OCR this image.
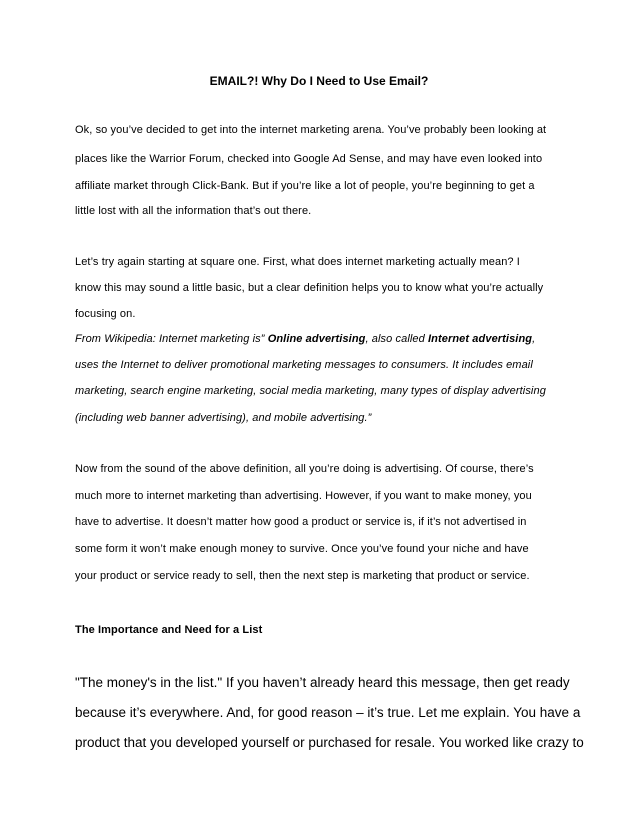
EMAIL?! Why Do I Need to Use Email?
Ok, so you’ve decided to get into the internet marketing arena. You’ve probably been looking at
places like the Warrior Forum, checked into Google Ad Sense, and may have even looked into
affiliate market through Click-Bank. But if you’re like a lot of people, you’re beginning to get a
little lost with all the information that’s out there.
Let’s try again starting at square one. First, what does internet marketing actually mean? I
know this may sound a little basic, but a clear definition helps you to know what you’re actually
focusing on.
From Wikipedia: Internet marketing is” Online advertising, also called Internet advertising,
uses the Internet to deliver promotional marketing messages to consumers. It includes email
marketing, search engine marketing, social media marketing, many types of display advertising
(including web banner advertising), and mobile advertising.”
Now from the sound of the above definition, all you’re doing is advertising. Of course, there’s
much more to internet marketing than advertising. However, if you want to make money, you
have to advertise. It doesn’t matter how good a product or service is, if it’s not advertised in
some form it won’t make enough money to survive. Once you’ve found your niche and have
your product or service ready to sell, then the next step is marketing that product or service.
The Importance and Need for a List
"The money's in the list." If you haven’t already heard this message, then get ready
because it’s everywhere. And, for good reason – it’s true. Let me explain. You have a
product that you developed yourself or purchased for resale. You worked like crazy to
